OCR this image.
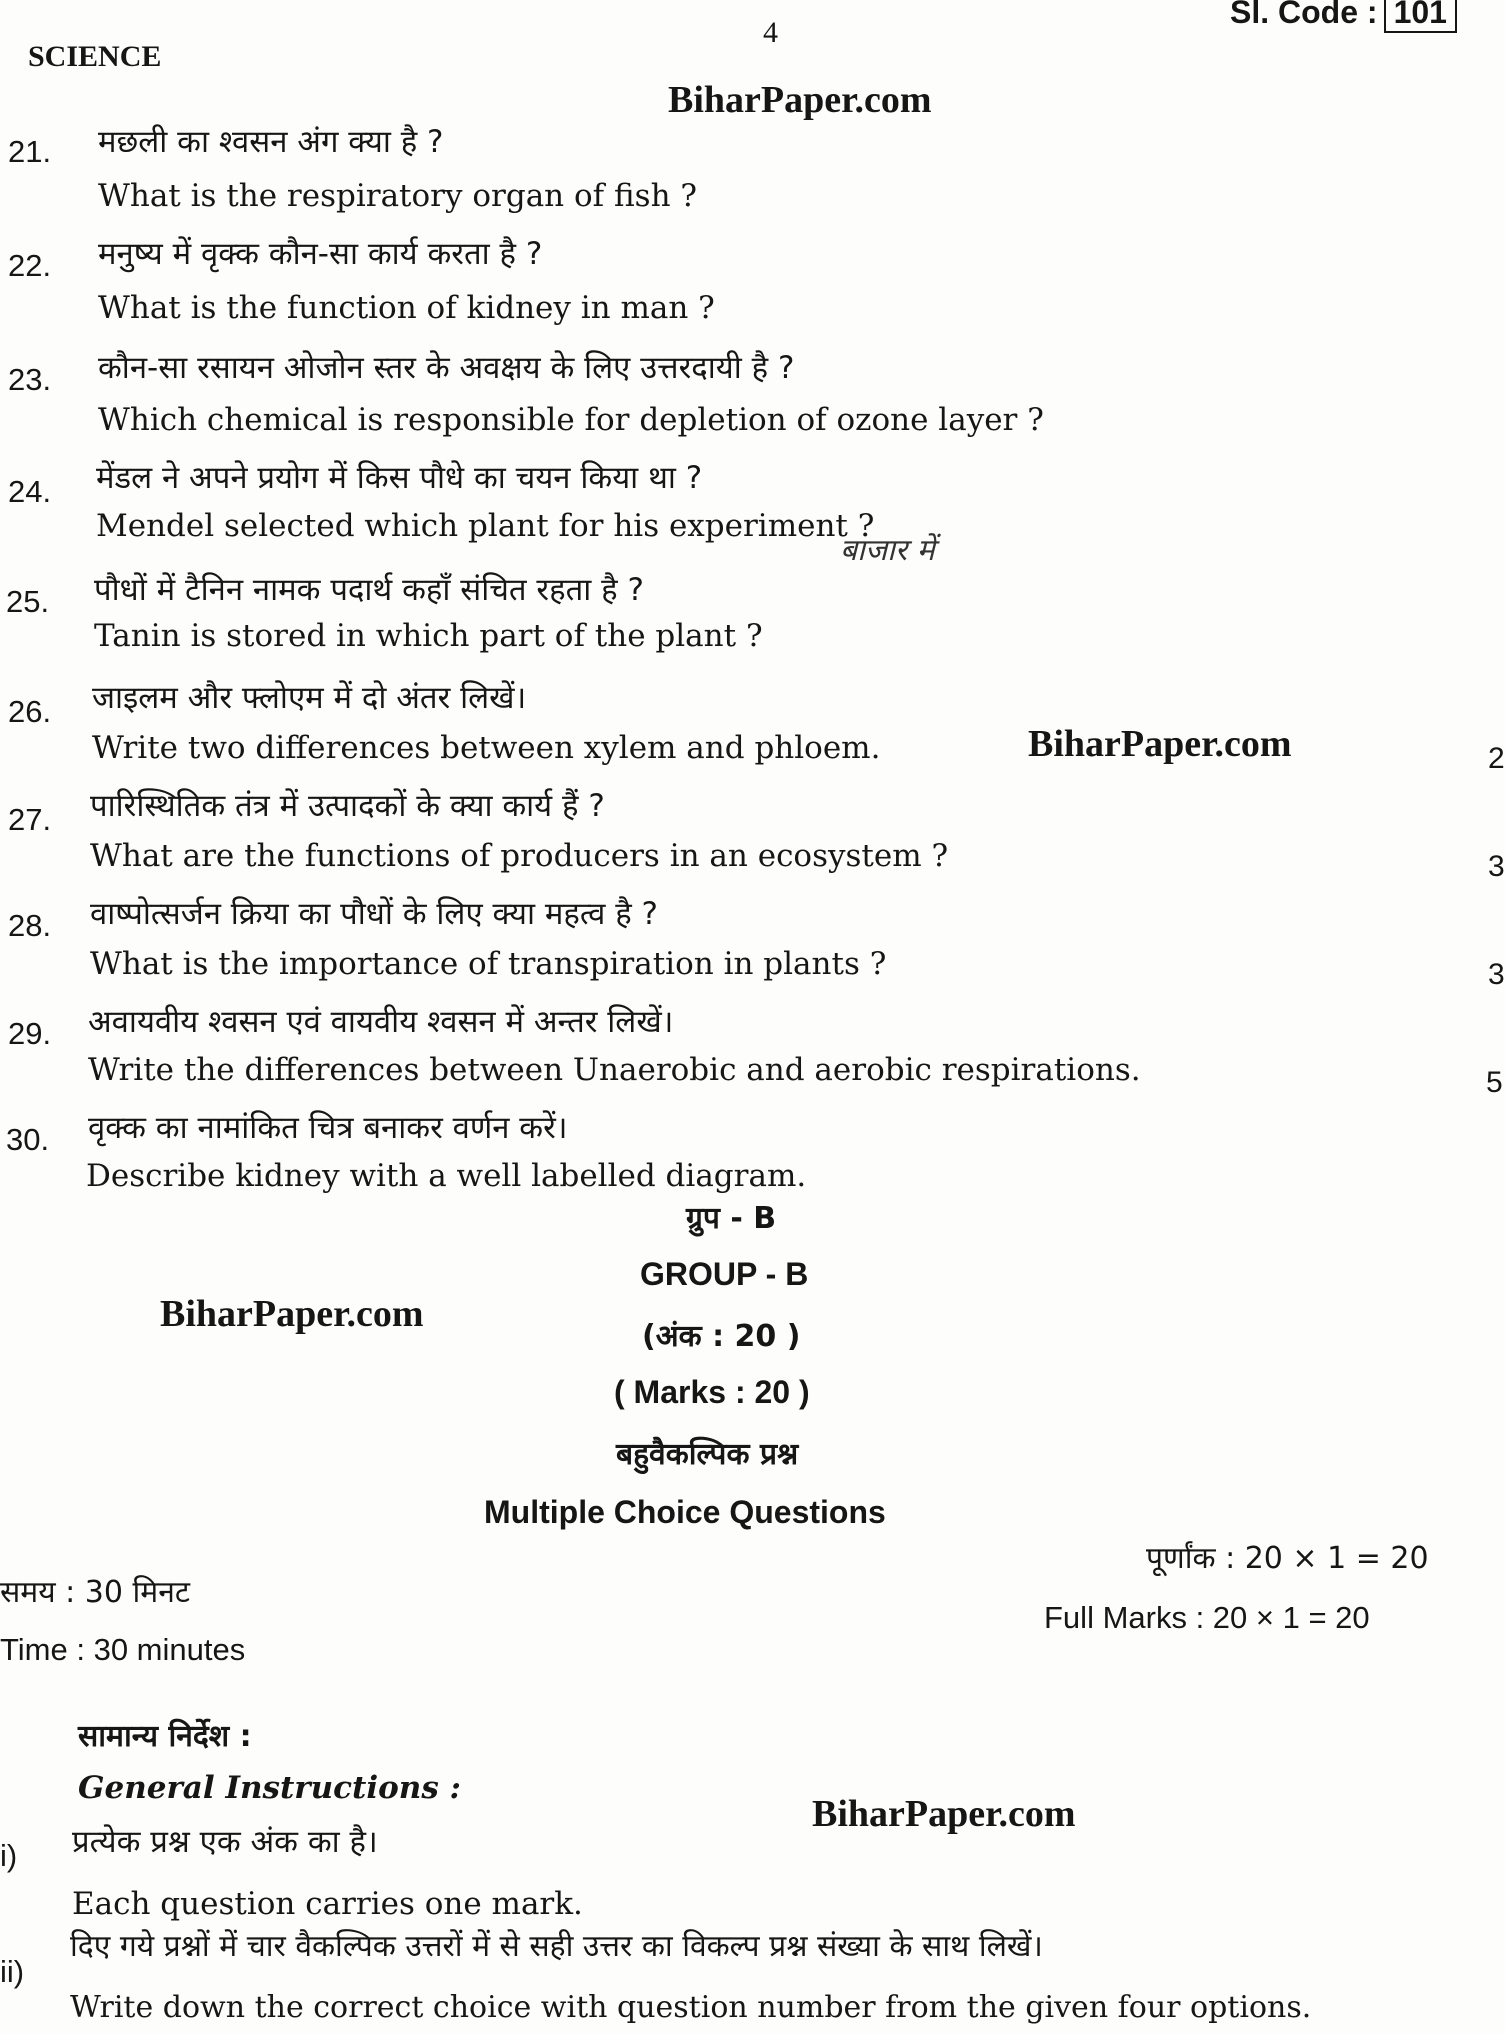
SCIENCE
4
Sl. Code : 101
BiharPaper.com
BiharPaper.com
BiharPaper.com
BiharPaper.com
21. मछली का श्वसन अंग क्या है ?
What is the respiratory organ of fish ?
22. मनुष्य में वृक्क कौन-सा कार्य करता है ?
What is the function of kidney in man ?
23. कौन-सा रसायन ओजोन स्तर के अवक्षय के लिए उत्तरदायी है ?
Which chemical is responsible for depletion of ozone layer ?
24. मेंडल ने अपने प्रयोग में किस पौधे का चयन किया था ?
Mendel selected which plant for his experiment ?
बाजार में
25. पौधों में टैनिन नामक पदार्थ कहाँ संचित रहता है ?
Tanin is stored in which part of the plant ?
26. जाइलम और फ्लोएम में दो अंतर लिखें।
Write two differences between xylem and phloem.
27. पारिस्थितिक तंत्र में उत्पादकों के क्या कार्य हैं ?
What are the functions of producers in an ecosystem ?
28. वाष्पोत्सर्जन क्रिया का पौधों के लिए क्या महत्व है ?
What is the importance of transpiration in plants ?
29. अवायवीय श्वसन एवं वायवीय श्वसन में अन्तर लिखें।
Write the differences between Unaerobic and aerobic respirations.
30. वृक्क का नामांकित चित्र बनाकर वर्णन करें।
Describe kidney with a well labelled diagram.
2
3
3
5
ग्रुप - B
GROUP - B
(अंक : 20 )
( Marks : 20 )
बहुवैकल्पिक प्रश्न
Multiple Choice Questions
पूर्णांक : 20 × 1 = 20
Full Marks : 20 × 1 = 20
समय : 30 मिनट
Time : 30 minutes
सामान्य निर्देश :
General Instructions :
i) प्रत्येक प्रश्न एक अंक का है।
Each question carries one mark.
ii)
दिए गये प्रश्नों में चार वैकल्पिक उत्तरों में से सही उत्तर का विकल्प प्रश्न संख्या के साथ लिखें।
Write down the correct choice with question number from the given four options.
